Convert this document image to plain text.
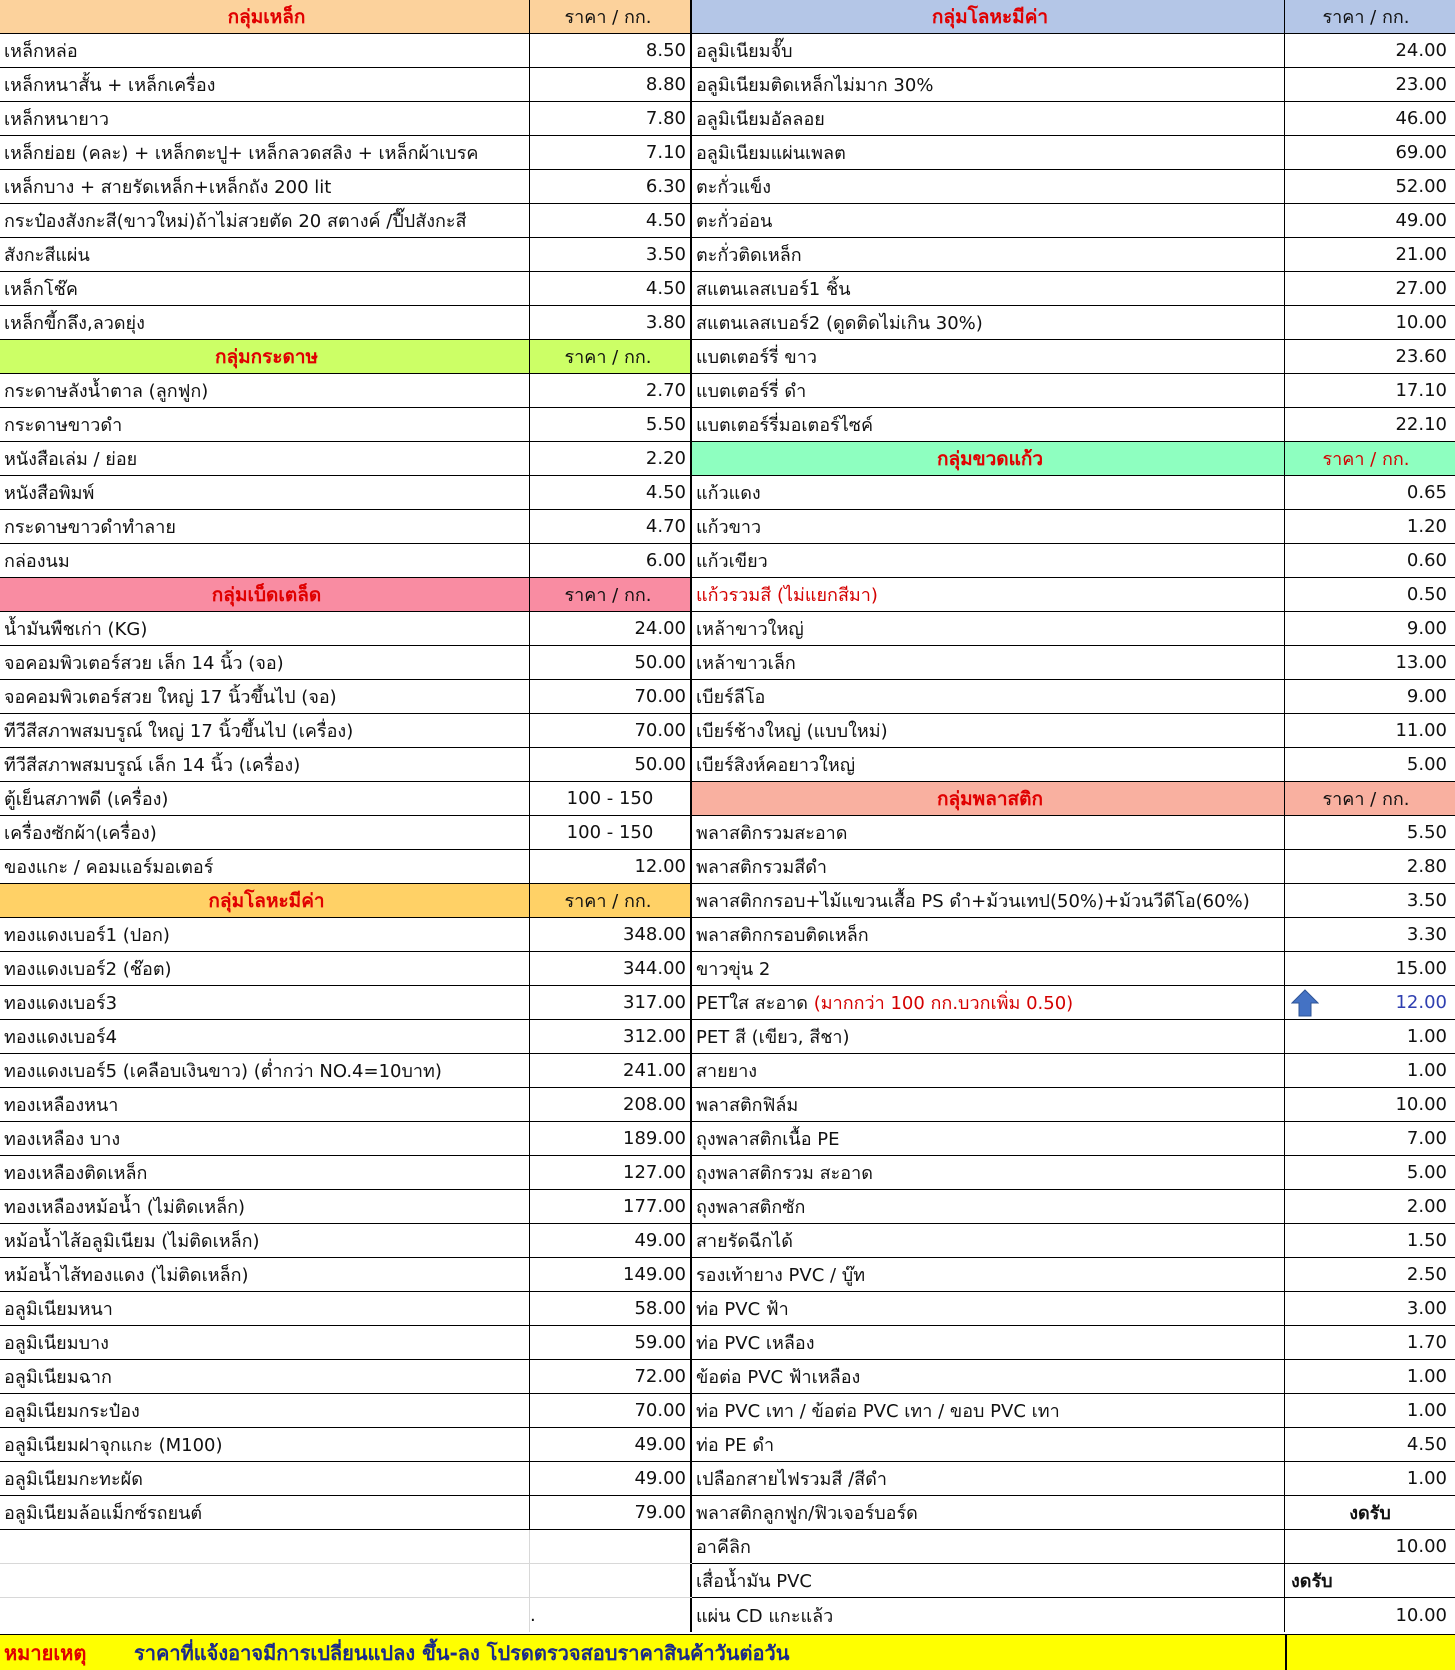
กลุ่มเหล็ก	ราคา / กก.
เหล็กหล่อ	8.50
เหล็กหนาสั้น + เหล็กเครื่อง	8.80
เหล็กหนายาว	7.80
เหล็กย่อย (คละ) + เหล็กตะปู+ เหล็กลวดสลิง + เหล็กผ้าเบรค	7.10
เหล็กบาง + สายรัดเหล็ก+เหล็กถัง 200 lit	6.30
กระป๋องสังกะสี(ขาวใหม่)ถ้าไม่สวยตัด 20 สตางค์ /ปี๊ปสังกะสี	4.50
สังกะสีแผ่น	3.50
เหล็กโช๊ค	4.50
เหล็กขี้กลึง,ลวดยุ่ง	3.80
กลุ่มกระดาษ	ราคา / กก.
กระดาษลังน้ำตาล (ลูกฟูก)	2.70
กระดาษขาวดำ	5.50
หนังสือเล่ม / ย่อย	2.20
หนังสือพิมพ์	4.50
กระดาษขาวดำทำลาย	4.70
กล่องนม	6.00
กลุ่มเบ็ดเตล็ด	ราคา / กก.
น้ำมันพืชเก่า (KG)	24.00
จอคอมพิวเตอร์สวย เล็ก 14 นิ้ว (จอ)	50.00
จอคอมพิวเตอร์สวย ใหญ่ 17 นิ้วขึ้นไป (จอ)	70.00
ทีวีสีสภาพสมบรูณ์ ใหญ่ 17 นิ้วขึ้นไป (เครื่อง)	70.00
ทีวีสีสภาพสมบรูณ์ เล็ก 14 นิ้ว (เครื่อง)	50.00
ตู้เย็นสภาพดี (เครื่อง)	100 - 150
เครื่องซักผ้า(เครื่อง)	100 - 150
ของแกะ / คอมแอร์มอเตอร์	12.00
กลุ่มโลหะมีค่า	ราคา / กก.
ทองแดงเบอร์1 (ปอก)	348.00
ทองแดงเบอร์2 (ช๊อต)	344.00
ทองแดงเบอร์3	317.00
ทองแดงเบอร์4	312.00
ทองแดงเบอร์5 (เคลือบเงินขาว) (ต่ำกว่า NO.4=10บาท)	241.00
ทองเหลืองหนา	208.00
ทองเหลือง บาง	189.00
ทองเหลืองติดเหล็ก	127.00
ทองเหลืองหม้อน้ำ (ไม่ติดเหล็ก)	177.00
หม้อน้ำไส้อลูมิเนียม (ไม่ติดเหล็ก)	49.00
หม้อน้ำไส้ทองแดง (ไม่ติดเหล็ก)	149.00
อลูมิเนียมหนา	58.00
อลูมิเนียมบาง	59.00
อลูมิเนียมฉาก	72.00
อลูมิเนียมกระป๋อง	70.00
อลูมิเนียมฝาจุกแกะ (M100)	49.00
อลูมิเนียมกะทะผัด	49.00
อลูมิเนียมล้อแม็กซ์รถยนต์	79.00
.
กลุ่มโลหะมีค่า	ราคา / กก.
อลูมิเนียมจั๊บ	24.00
อลูมิเนียมติดเหล็กไม่มาก 30%	23.00
อลูมิเนียมอัลลอย	46.00
อลูมิเนียมแผ่นเพลต	69.00
ตะกั่วแข็ง	52.00
ตะกั่วอ่อน	49.00
ตะกั่วติดเหล็ก	21.00
สแตนเลสเบอร์1 ชิ้น	27.00
สแตนเลสเบอร์2 (ดูดติดไม่เกิน 30%)	10.00
แบตเตอร์รี่ ขาว	23.60
แบตเตอร์รี่ ดำ	17.10
แบตเตอร์รี่มอเตอร์ไซค์	22.10
กลุ่มขวดแก้ว	ราคา / กก.
แก้วแดง	0.65
แก้วขาว	1.20
แก้วเขียว	0.60
แก้วรวมสี (ไม่แยกสีมา)	0.50
เหล้าขาวใหญ่	9.00
เหล้าขาวเล็ก	13.00
เบียร์ลีโอ	9.00
เบียร์ช้างใหญ่ (แบบใหม่)	11.00
เบียร์สิงห์คอยาวใหญ่	5.00
กลุ่มพลาสติก	ราคา / กก.
พลาสติกรวมสะอาด	5.50
พลาสติกรวมสีดำ	2.80
พลาสติกกรอบ+ไม้แขวนเสื้อ PS ดำ+ม้วนเทป(50%)+ม้วนวีดีโอ(60%)	3.50
พลาสติกกรอบติดเหล็ก	3.30
ขาวขุ่น 2	15.00
PETใส สะอาด
(มากกว่า 100 กก.บวกเพิ่ม 0.50)	12.00
PET สี (เขียว, สีชา)	1.00
สายยาง	1.00
พลาสติกฟิล์ม	10.00
ถุงพลาสติกเนื้อ PE	7.00
ถุงพลาสติกรวม สะอาด	5.00
ถุงพลาสติกซัก	2.00
สายรัดฉีกได้	1.50
รองเท้ายาง PVC / บู๊ท	2.50
ท่อ PVC ฟ้า	3.00
ท่อ PVC เหลือง	1.70
ข้อต่อ PVC ฟ้าเหลือง	1.00
ท่อ PVC เทา / ข้อต่อ PVC เทา / ขอบ PVC เทา	1.00
ท่อ PE ดำ	4.50
เปลือกสายไฟรวมสี /สีดำ	1.00
พลาสติกลูกฟูก/ฟิวเจอร์บอร์ด	งดรับ
อาคีลิก	10.00
เสื่อน้ำมัน PVC	งดรับ
แผ่น CD แกะแล้ว	10.00
หมายเหตุ	ราคาที่แจ้งอาจมีการเปลี่ยนแปลง ขึ้น-ลง โปรดตรวจสอบราคาสินค้าวันต่อวัน
